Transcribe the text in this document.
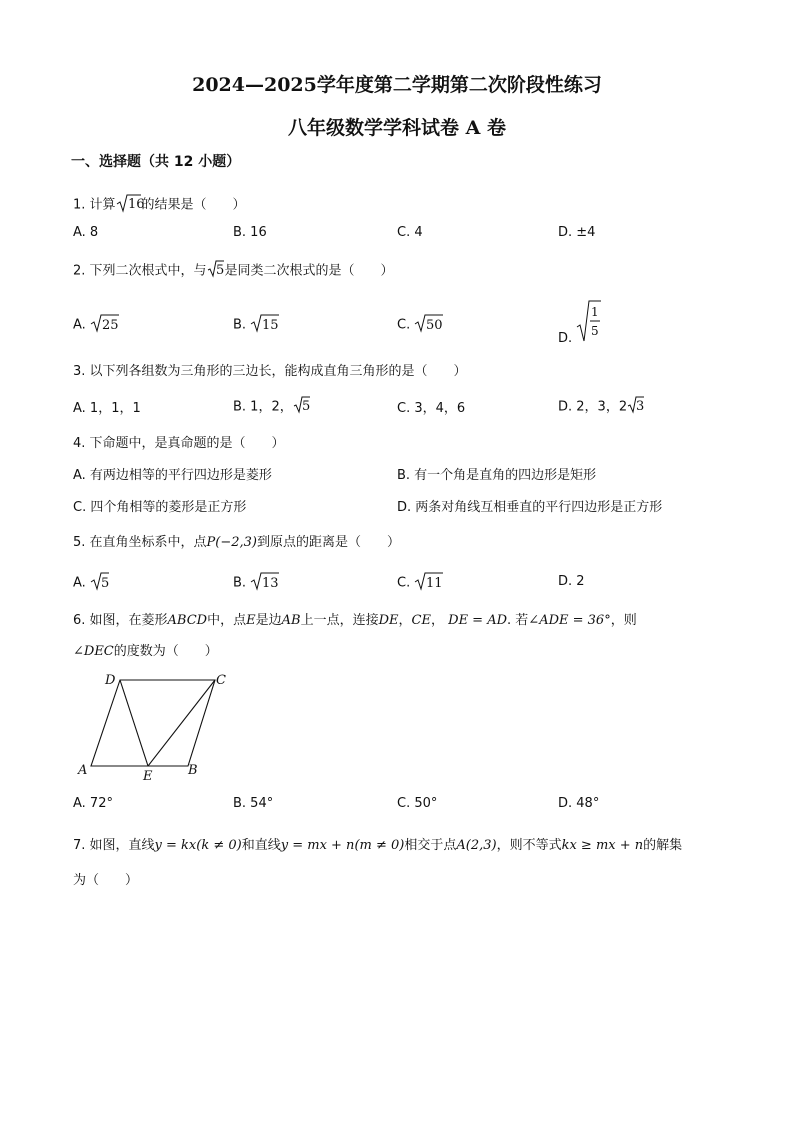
2024—2025学年度第二学期第二次阶段性练习
八年级数学学科试卷 A 卷
一、选择题（共 12 小题）
1. 计算 16
的结果是（　　）
A. 8	B. 16	C. 4	D. ±4
2. 下列二次根式中，与 5 是同类二次根式的是（　　）
A. 25	B. 15	C. 50
D.
1
5
3. 以下列各组数为三角形的三边长，能构成直角三角形的是（　　）
A. 1，1，1	B. 1，2， 5	C. 3，4，6	D. 2，3，2 3
4. 下命题中，是真命题的是（　　）
A. 有两边相等的平行四边形是菱形	B. 有一个角是直角的四边形是矩形
C. 四个角相等的菱形是正方形	D. 两条对角线互相垂直的平行四边形是正方形
5. 在直角坐标系中，点P(−2,3)到原点的距离是（　　）
A. 5	B. 13	C. 11	D. 2
6. 如图，在菱形ABCD中，点E是边AB上一点，连接DE，CE， DE = AD. 若∠ADE = 36°，则
∠DEC的度数为（　　）
D	C
A	E	B
A. 72°	B. 54°	C. 50°	D. 48°
7. 如图，直线y = kx(k ≠ 0)和直线y = mx + n(m ≠ 0)相交于点A(2,3)，则不等式kx ≥ mx + n的解集
为（　　）
